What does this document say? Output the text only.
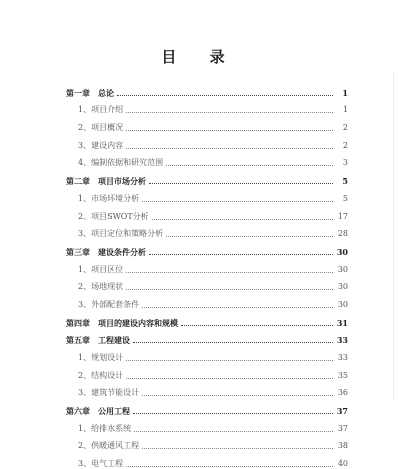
目 录
第一章　总论	1
1、项目介绍	1
2、项目概况	2
3、建设内容	2
4、编制依据和研究范围	3
第二章　项目市场分析	5
1、市场环境分析	5
2、项目SWOT分析	17
3、项目定位和策略分析	28
第三章　建设条件分析	30
1、项目区位	30
2、场地现状	30
3、外部配套条件	30
第四章　项目的建设内容和规模	31
第五章　工程建设	33
1、规划设计	33
2、结构设计	35
3、建筑节能设计	36
第六章　公用工程	37
1、给排水系统	37
2、供暖通风工程	38
3、电气工程	40
